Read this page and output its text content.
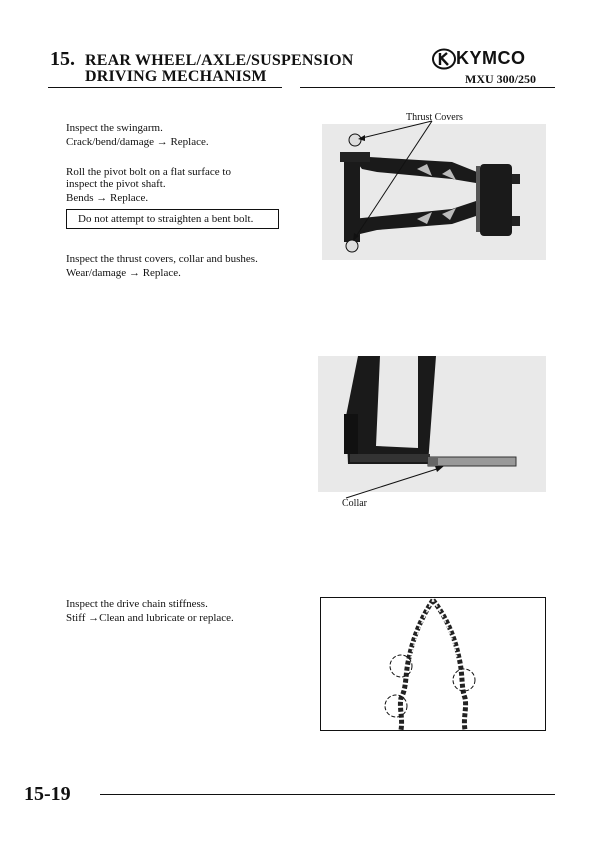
15. REAR WHEEL/AXLE/SUSPENSION
DRIVING MECHANISM
KYMCO
MXU 300/250
Inspect the swingarm.
Crack/bend/damage → Replace.
Roll the pivot bolt on a flat surface to
inspect the pivot shaft.
Bends → Replace.
Do not attempt to straighten a bent bolt.
Inspect the thrust covers, collar and bushes.
Wear/damage → Replace.
Thrust Covers
Collar
Inspect the drive chain stiffness.
Stiff →Clean and lubricate or replace.
15-19
